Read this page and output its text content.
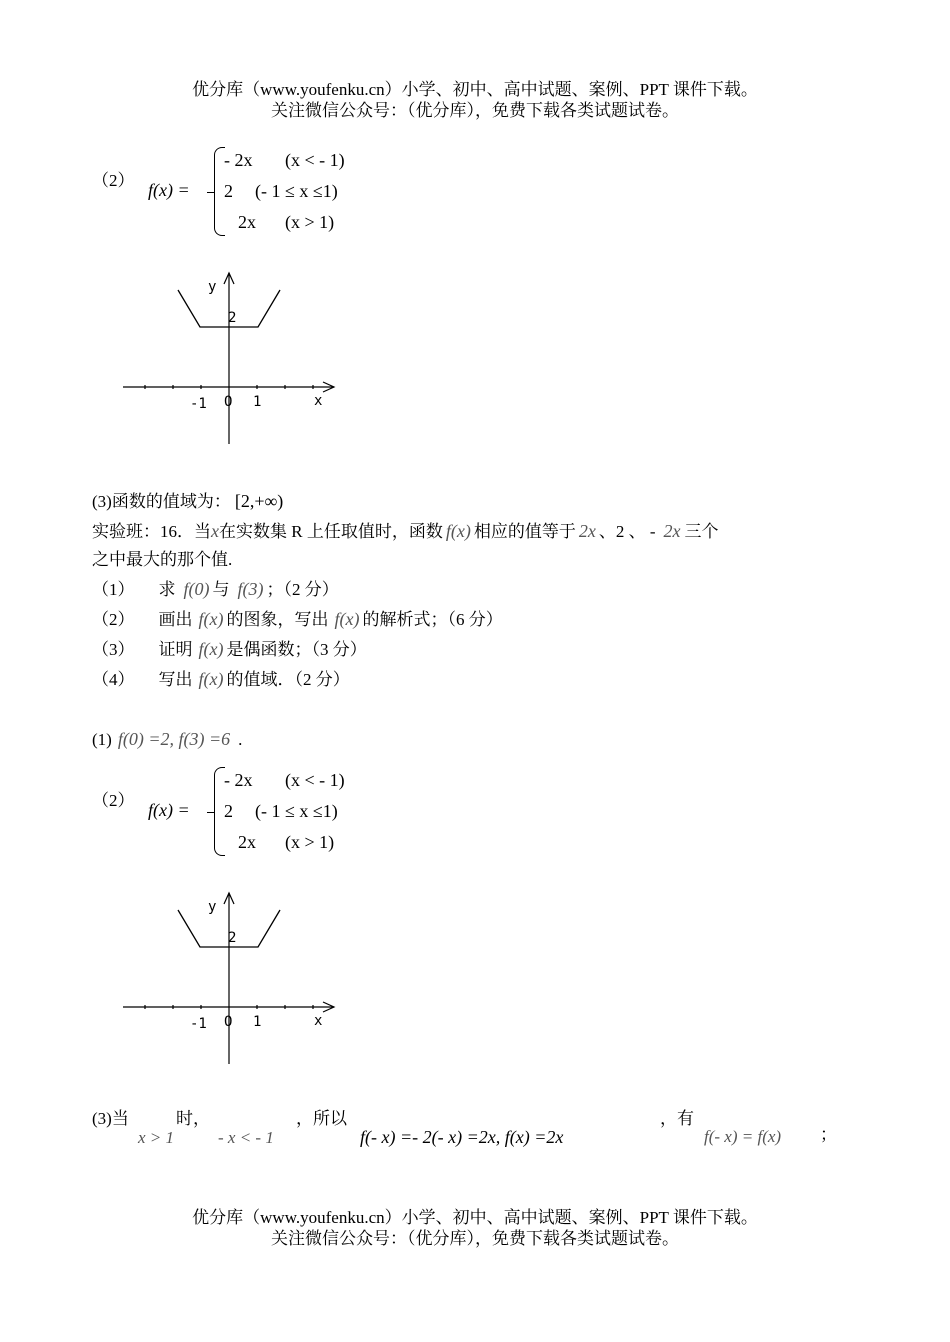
优分库（www.youfenku.cn）小学、初中、高中试题、案例、PPT 课件下载。
关注微信公众号：（优分库），免费下载各类试题试卷。
（2） f(x) =
- 2x (x < - 1)
2 (- 1 ≤ x ≤1)
2x (x > 1)
y
2
-1 O 1	x
(3)函数的值域为： [2,+∞)
实验班：16．当x在实数集 R 上任取值时，函数 f(x) 相应的值等于 2x 、2 、 - 2x 三个
之中最大的那个值.
（1） 求 f(0) 与 f(3) ；（2 分）
（2） 画出 f(x) 的图象，写出 f(x) 的解析式；（6 分）
（3） 证明 f(x) 是偶函数；（3 分）
（4） 写出 f(x) 的值域．（2 分）
(1) f(0) =2, f(3) =6 .
（2） f(x) =
- 2x (x < - 1)
2 (- 1 ≤ x ≤1)
2x (x > 1)
y
2
-1 O 1	x
(3)当
x > 1
时，
- x < - 1
，所以
f(- x) =- 2(- x) =2x, f(x) =2x
，有
f(- x) = f(x) ；
优分库（www.youfenku.cn）小学、初中、高中试题、案例、PPT 课件下载。
关注微信公众号：（优分库），免费下载各类试题试卷。
